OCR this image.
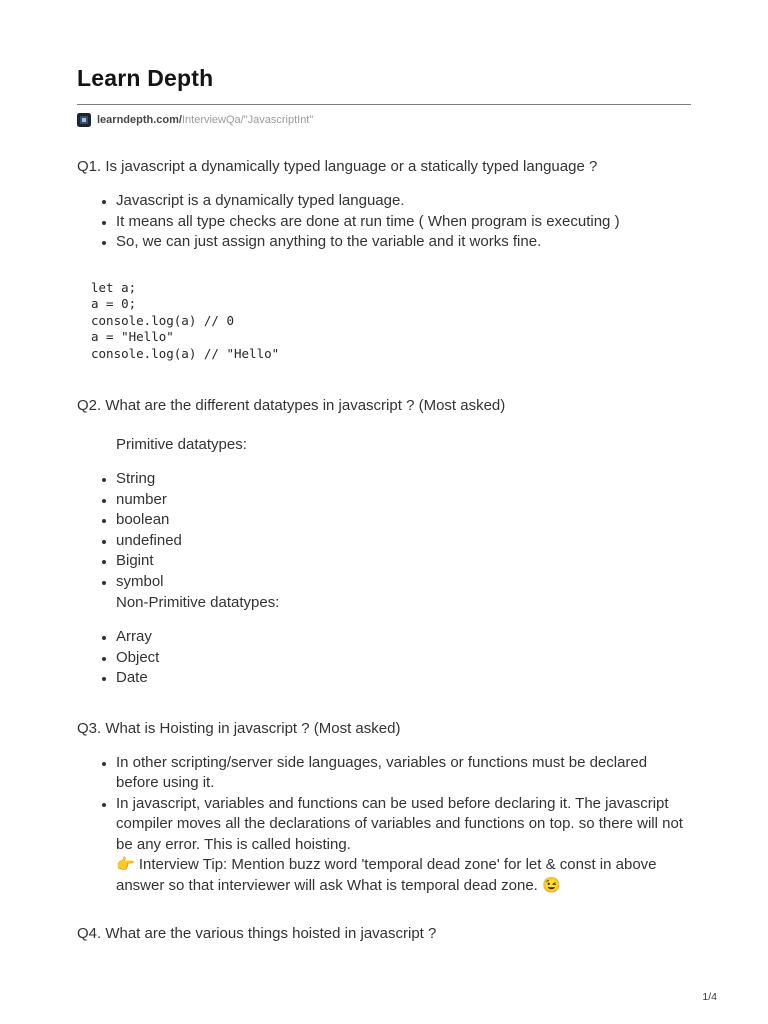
Learn Depth
learndepth.com/InterviewQa/"JavascriptInt"

Q1. Is javascript a dynamically typed language or a statically typed language ?

• Javascript is a dynamically typed language.
• It means all type checks are done at run time ( When program is executing )
• So, we can just assign anything to the variable and it works fine.
let a;
a = 0;
console.log(a) // 0
a = "Hello"
console.log(a) // "Hello"

Q2. What are the different datatypes in javascript ? (Most asked)

Primitive datatypes:
• String
• number
• boolean
• undefined
• Bigint
• symbol
Non-Primitive datatypes:
• Array
• Object
• Date

Q3. What is Hoisting in javascript ? (Most asked)

• In other scripting/server side languages, variables or functions must be declared before using it.
• In javascript, variables and functions can be used before declaring it. The javascript compiler moves all the declarations of variables and functions on top. so there will not be any error. This is called hoisting.
👉 Interview Tip: Mention buzz word 'temporal dead zone' for let & const in above answer so that interviewer will ask What is temporal dead zone. 😉

Q4. What are the various things hoisted in javascript ?

1/4
